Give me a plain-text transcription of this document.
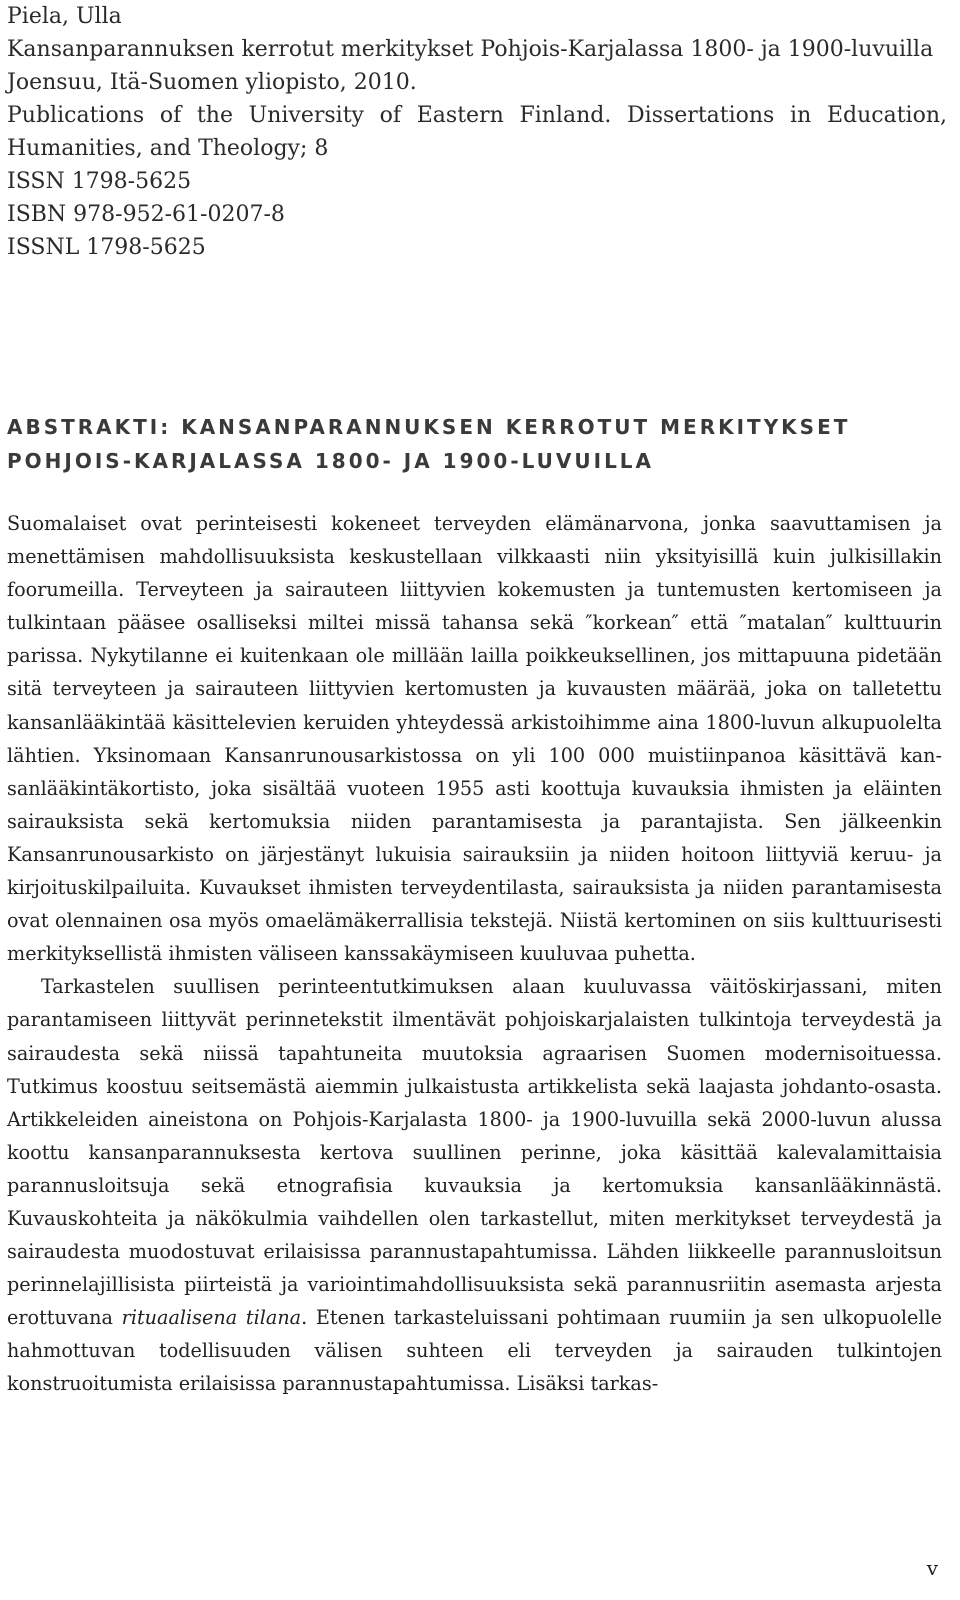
Piela, Ulla
Kansanparannuksen kerrotut merkitykset Pohjois-Karjalassa 1800- ja 1900-luvuilla
Joensuu, Itä-Suomen yliopisto, 2010.
Publications of the University of Eastern Finland. Dissertations in Education, Humanities, and Theology; 8
ISSN 1798-5625
ISBN 978-952-61-0207-8
ISSNL 1798-5625
ABSTRAKTI: KANSANPARANNUKSEN KERROTUT MERKITYKSET
POHJOIS-KARJALASSA 1800- JA 1900-LUVUILLA

Suomalaiset ovat perinteisesti kokeneet terveyden elämänarvona, jonka saavuttamisen ja menettämisen mahdollisuuksista keskustellaan vilkkaasti niin yksityisillä kuin julkisillakin foorumeilla. Terveyteen ja sairauteen liittyvien kokemusten ja tuntemusten kertomiseen ja tulkintaan pääsee osalliseksi miltei missä tahansa sekä ″korkean″ että ″matalan″ kulttuurin parissa. Nykytilanne ei kuitenkaan ole millään lailla poikkeuksellinen, jos mittapuuna pidetään sitä terveyteen ja sairauteen liittyvien kertomusten ja kuvausten määrää, joka on talletettu kansanlääkintää käsittelevien keruiden yhteydessä arkistoihimme aina 1800-luvun alkupuolelta lähtien. Yksinomaan Kansanrunousarkistossa on yli 100 000 muistiinpanoa käsittävä kansanlääkintäkortisto, joka sisältää vuoteen 1955 asti koottuja kuvauksia ihmisten ja eläinten sairauksista sekä kertomuksia niiden parantamisesta ja parantajista. Sen jälkeenkin Kansanrunousarkisto on järjestänyt lukuisia sairauksiin ja niiden hoitoon liittyviä keruu- ja kirjoituskilpailuita. Kuvaukset ihmisten terveydentilasta, sairauksista ja niiden parantamisesta ovat olennainen osa myös omaelämäkerrallisia tekstejä. Niistä kertominen on siis kulttuurisesti merkityksellistä ihmisten väliseen kanssakäymiseen kuuluvaa puhetta.

Tarkastelen suullisen perinteentutkimuksen alaan kuuluvassa väitöskirjassani, miten parantamiseen liittyvät perinnetekstit ilmentävät pohjoiskarjalaisten tulkintoja terveydestä ja sairaudesta sekä niissä tapahtuneita muutoksia agraarisen Suomen modernisoituessa. Tutkimus koostuu seitsemästä aiemmin julkaistusta artikkelista sekä laajasta johdanto-osasta. Artikkeleiden aineistona on Pohjois-Karjalasta 1800- ja 1900-luvuilla sekä 2000-luvun alussa koottu kansanparannuksesta kertova suullinen perinne, joka käsittää kalevalamittaisia parannusloitsuja sekä etnografisia kuvauksia ja kertomuksia kansanlääkinnästä. Kuvauskohteita ja näkökulmia vaihdellen olen tarkastellut, miten merkitykset terveydestä ja sairaudesta muodostuvat erilaisissa parannustapahtumissa. Lähden liikkeelle parannusloitsun perinnelajillisista piirteistä ja variointimahdollisuuksista sekä parannusriitin asemasta arjesta erottuvana rituaalisena tilana. Etenen tarkasteluissani pohtimaan ruumiin ja sen ulkopuolelle hahmottuvan todellisuuden välisen suhteen eli terveyden ja sairauden tulkintojen konstruoitumista erilaisissa parannustapahtumissa. Lisäksi tarkas-

v
